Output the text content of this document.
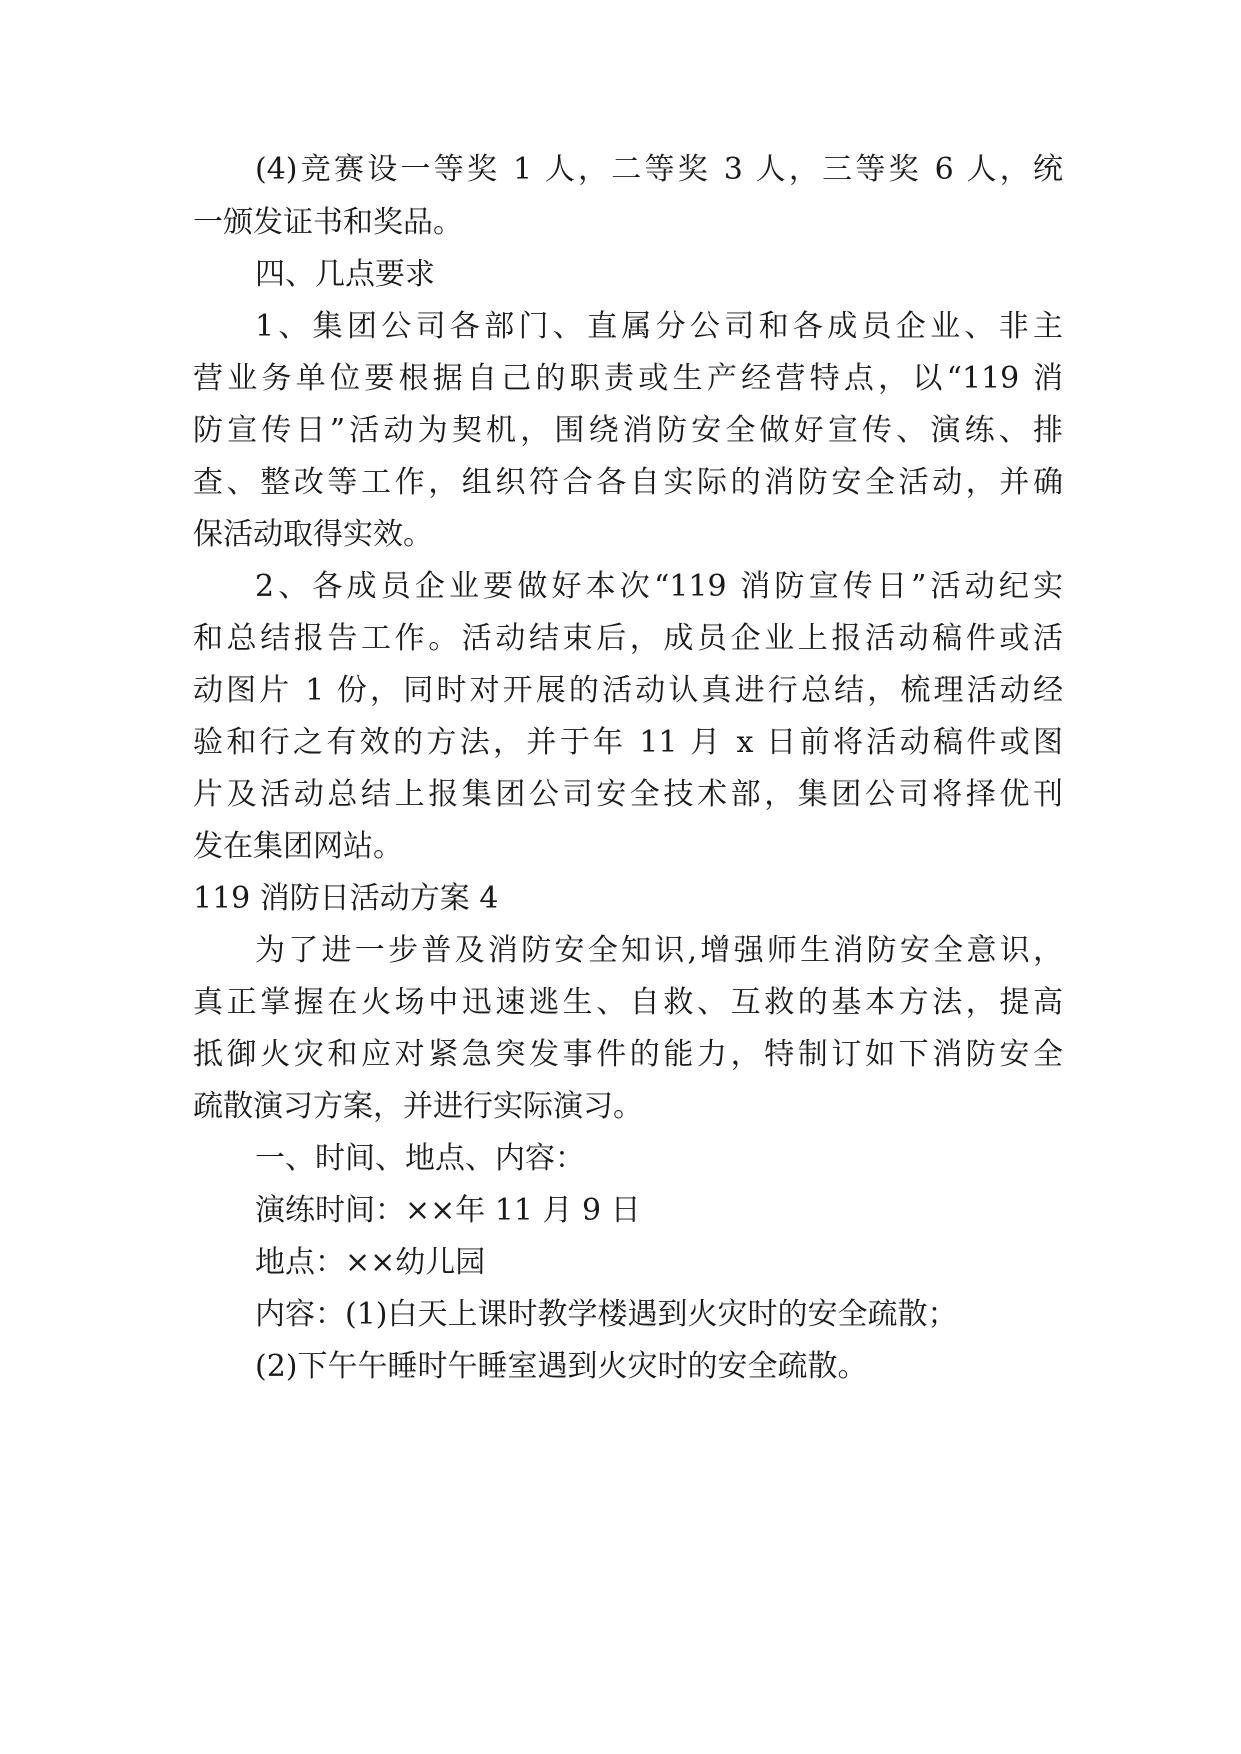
(4)竞赛设一等奖 1 人，二等奖 3 人，三等奖 6 人，统
一颁发证书和奖品。
四、几点要求
1、集团公司各部门、直属分公司和各成员企业、非主
营业务单位要根据自己的职责或生产经营特点，以“119 消
防宣传日”活动为契机，围绕消防安全做好宣传、演练、排
查、整改等工作，组织符合各自实际的消防安全活动，并确
保活动取得实效。
2、各成员企业要做好本次“119 消防宣传日”活动纪实
和总结报告工作。活动结束后，成员企业上报活动稿件或活
动图片 1 份，同时对开展的活动认真进行总结，梳理活动经
验和行之有效的方法，并于年 11 月 x 日前将活动稿件或图
片及活动总结上报集团公司安全技术部，集团公司将择优刊
发在集团网站。
119 消防日活动方案 4
为了进一步普及消防安全知识,增强师生消防安全意识，
真正掌握在火场中迅速逃生、自救、互救的基本方法，提高
抵御火灾和应对紧急突发事件的能力，特制订如下消防安全
疏散演习方案，并进行实际演习。
一、时间、地点、内容：
演练时间：××年 11 月 9 日
地点：××幼儿园
内容：(1)白天上课时教学楼遇到火灾时的安全疏散；
(2)下午午睡时午睡室遇到火灾时的安全疏散。
